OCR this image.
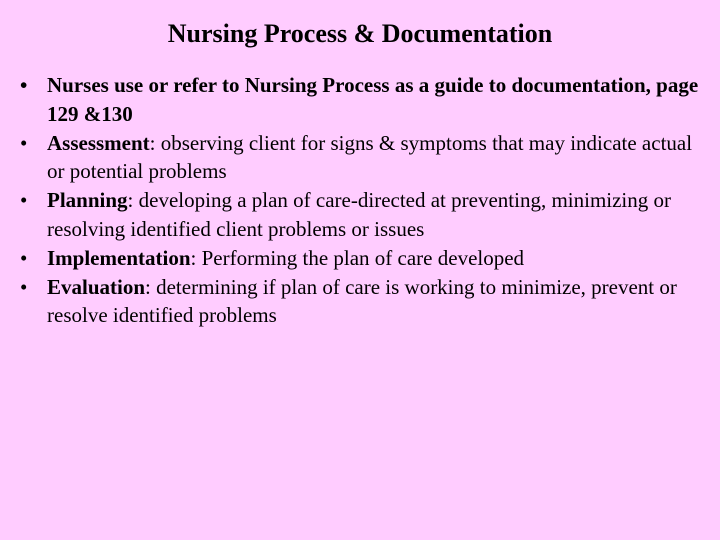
Nursing Process & Documentation
• Nurses use or refer to Nursing Process as a guide to documentation, page 129 &130
• Assessment: observing client for signs & symptoms that may indicate actual or potential problems
• Planning: developing a plan of care-directed at preventing, minimizing or resolving identified client problems or issues
• Implementation: Performing the plan of care developed
• Evaluation: determining if plan of care is working to minimize, prevent or resolve identified problems
